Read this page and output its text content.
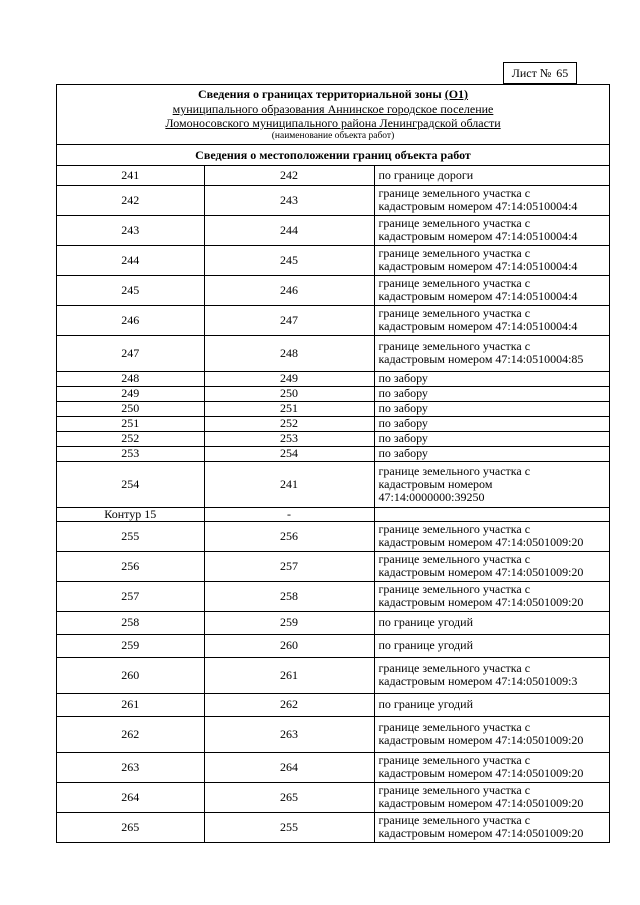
Лист № 65
Сведения о границах территориальной зоны (О1)
муниципального образования Аннинское городское поселение
Ломоносовского муниципального района Ленинградской области
(наименование объекта работ)
Сведения о местоположении границ объекта работ
241	242	по границе дороги
242	243	границе земельного участка с
кадастровым номером 47:14:0510004:4
243	244	границе земельного участка с
кадастровым номером 47:14:0510004:4
244	245	границе земельного участка с
кадастровым номером 47:14:0510004:4
245	246	границе земельного участка с
кадастровым номером 47:14:0510004:4
246	247	границе земельного участка с
кадастровым номером 47:14:0510004:4
247	248	границе земельного участка с
кадастровым номером 47:14:0510004:85
248	249	по забору
249	250	по забору
250	251	по забору
251	252	по забору
252	253	по забору
253	254	по забору
254	241	границе земельного участка с
кадастровым номером
47:14:0000000:39250
Контур 15	-	
255	256	границе земельного участка с
кадастровым номером 47:14:0501009:20
256	257	границе земельного участка с
кадастровым номером 47:14:0501009:20
257	258	границе земельного участка с
кадастровым номером 47:14:0501009:20
258	259	по границе угодий
259	260	по границе угодий
260	261	границе земельного участка с
кадастровым номером 47:14:0501009:3
261	262	по границе угодий
262	263	границе земельного участка с
кадастровым номером 47:14:0501009:20
263	264	границе земельного участка с
кадастровым номером 47:14:0501009:20
264	265	границе земельного участка с
кадастровым номером 47:14:0501009:20
265	255	границе земельного участка с
кадастровым номером 47:14:0501009:20
